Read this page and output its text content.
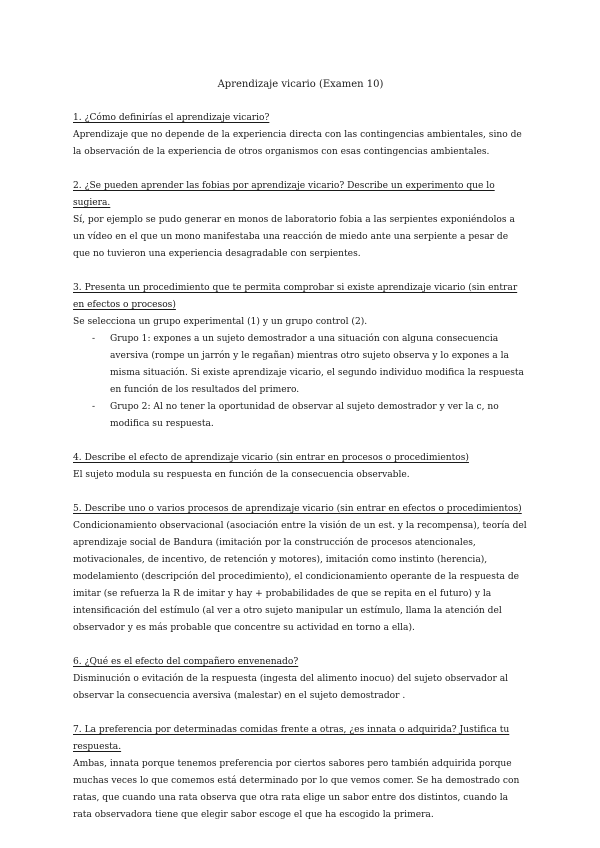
Aprendizaje vicario (Examen 10)

1. ¿Cómo definirías el aprendizaje vicario?

Aprendizaje que no depende de la experiencia directa con las contingencias ambientales, sino de la observación de la experiencia de otros organismos con esas contingencias ambientales.

2. ¿Se pueden aprender las fobias por aprendizaje vicario? Describe un experimento que lo sugiera.

Sí, por ejemplo se pudo generar en monos de laboratorio fobia a las serpientes exponiéndolos a un vídeo en el que un mono manifestaba una reacción de miedo ante una serpiente a pesar de que no tuvieron una experiencia desagradable con serpientes.

3. Presenta un procedimiento que te permita comprobar si existe aprendizaje vicario (sin entrar en efectos o procesos)

Se selecciona un grupo experimental (1) y un grupo control (2).

- Grupo 1: expones a un sujeto demostrador a una situación con alguna consecuencia aversiva (rompe un jarrón y le regañan) mientras otro sujeto observa y lo expones a la misma situación. Si existe aprendizaje vicario, el segundo individuo modifica la respuesta en función de los resultados del primero.
- Grupo 2: Al no tener la oportunidad de observar al sujeto demostrador y ver la c, no modifica su respuesta.

4. Describe el efecto de aprendizaje vicario (sin entrar en procesos o procedimientos)

El sujeto modula su respuesta en función de la consecuencia observable.

5. Describe uno o varios procesos de aprendizaje vicario (sin entrar en efectos o procedimientos)

Condicionamiento observacional (asociación entre la visión de un est. y la recompensa), teoría del aprendizaje social de Bandura (imitación por la construcción de procesos atencionales, motivacionales, de incentivo, de retención y motores), imitación como instinto (herencia), modelamiento (descripción del procedimiento), el condicionamiento operante de la respuesta de imitar (se refuerza la R de imitar y hay + probabilidades de que se repita en el futuro) y la intensificación del estímulo (al ver a otro sujeto manipular un estímulo, llama la atención del observador y es más probable que concentre su actividad en torno a ella).

6. ¿Qué es el efecto del compañero envenenado?

Disminución o evitación de la respuesta (ingesta del alimento inocuo) del sujeto observador al observar la consecuencia aversiva (malestar) en el sujeto demostrador .

7. La preferencia por determinadas comidas frente a otras, ¿es innata o adquirida? Justifica tu respuesta.

Ambas, innata porque tenemos preferencia por ciertos sabores pero también adquirida porque muchas veces lo que comemos está determinado por lo que vemos comer. Se ha demostrado con ratas, que cuando una rata observa que otra rata elige un sabor entre dos distintos, cuando la rata observadora tiene que elegir sabor escoge el que ha escogido la primera.
